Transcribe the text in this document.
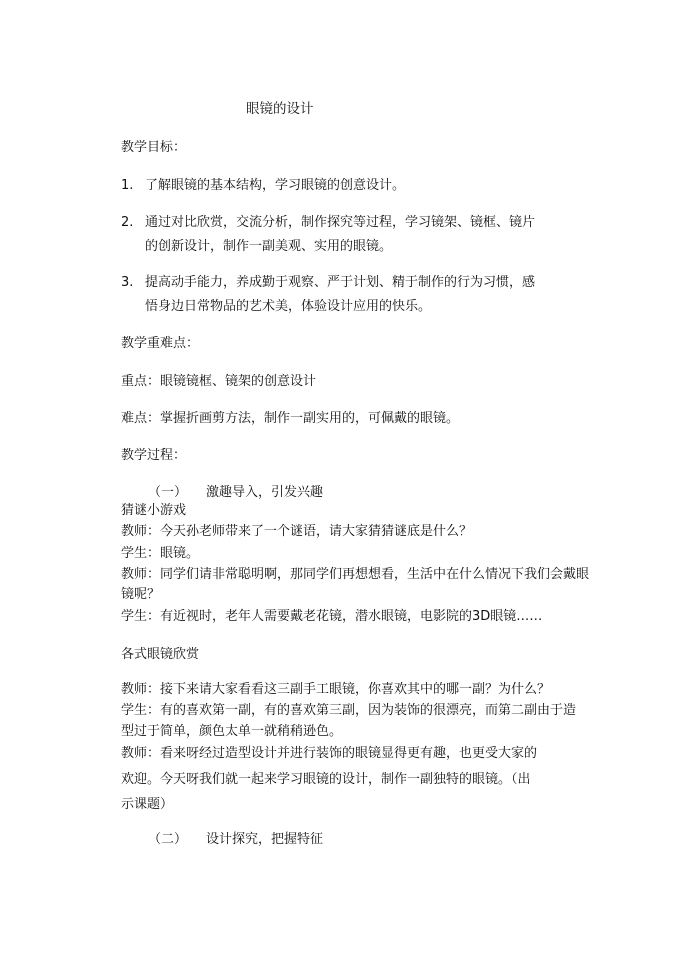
眼镜的设计
教学目标：
1. 了解眼镜的基本结构，学习眼镜的创意设计。
2. 通过对比欣赏，交流分析，制作探究等过程，学习镜架、镜框、镜片
的创新设计，制作一副美观、实用的眼镜。
3. 提高动手能力，养成勤于观察、严于计划、精于制作的行为习惯，感
悟身边日常物品的艺术美，体验设计应用的快乐。
教学重难点：
重点：眼镜镜框、镜架的创意设计
难点：掌握折画剪方法，制作一副实用的，可佩戴的眼镜。
教学过程：
（一） 激趣导入，引发兴趣
猜谜小游戏
教师：今天孙老师带来了一个谜语，请大家猜猜谜底是什么？
学生：眼镜。
教师：同学们请非常聪明啊，那同学们再想想看，生活中在什么情况下我们会戴眼
镜呢？
学生：有近视时，老年人需要戴老花镜，潜水眼镜，电影院的3D眼镜……
各式眼镜欣赏
教师：接下来请大家看看这三副手工眼镜，你喜欢其中的哪一副？为什么？
学生：有的喜欢第一副，有的喜欢第三副，因为装饰的很漂亮，而第二副由于造
型过于简单，颜色太单一就稍稍逊色。
教师：看来呀经过造型设计并进行装饰的眼镜显得更有趣，也更受大家的
欢迎。今天呀我们就一起来学习眼镜的设计，制作一副独特的眼镜。（出
示课题）
（二） 设计探究，把握特征
